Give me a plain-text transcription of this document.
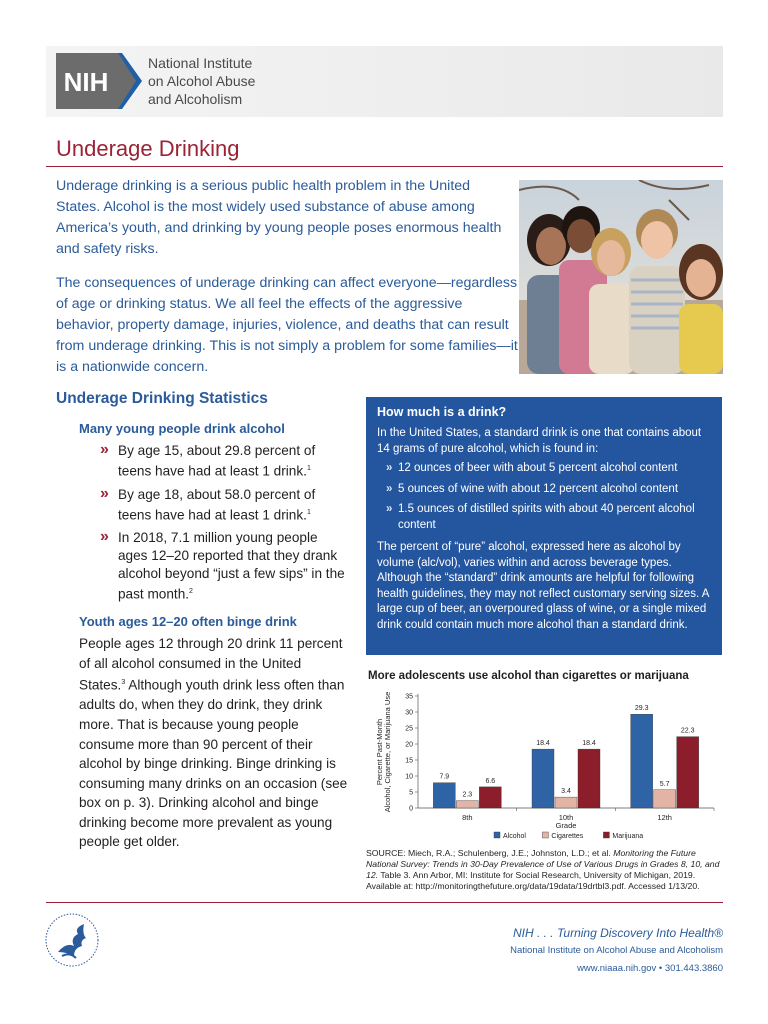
NIH
National Institute
on Alcohol Abuse
and Alcoholism
Underage Drinking
Underage drinking is a serious public health problem in the United States. Alcohol is the most widely used substance of abuse among America’s youth, and drinking by young people poses enormous health and safety risks.
The consequences of underage drinking can affect everyone—regardless of age or drinking status. We all feel the effects of the aggressive behavior, property damage, injuries, violence, and deaths that can result from underage drinking. This is not simply a problem for some families—it is a nationwide concern.
Underage Drinking Statistics
Many young people drink alcohol
» By age 15, about 29.8 percent of teens have had at least 1 drink.$^1$
» By age 18, about 58.0 percent of teens have had at least 1 drink.$^1$
» In 2018, 7.1 million young people ages 12–20 reported that they drank alcohol beyond “just a few sips” in the past month.$^2$
Youth ages 12–20 often binge drink
People ages 12 through 20 drink 11 percent of all alcohol consumed in the United States.$^3$ Although youth drink less often than adults do, when they do drink, they drink more. That is because young people consume more than 90 percent of their alcohol by binge drinking. Binge drinking is consuming many drinks on an occasion (see box on p. 3). Drinking alcohol and binge drinking become more prevalent as young people get older.
How much is a drink?
In the United States, a standard drink is one that contains about 14 grams of pure alcohol, which is found in:
» 12 ounces of beer with about 5 percent alcohol content
» 5 ounces of wine with about 12 percent alcohol content
» 1.5 ounces of distilled spirits with about 40 percent alcohol content
The percent of “pure” alcohol, expressed here as alcohol by volume (alc/vol), varies within and across beverage types. Although the “standard” drink amounts are helpful for following health guidelines, they may not reflect customary serving sizes. A large cup of beer, an overpoured glass of wine, or a single mixed drink could contain much more alcohol than a standard drink.
More adolescents use alcohol than cigarettes or marijuana
Percent Past-Month Alcohol, Cigarette, or Marijuana Use 0
5
10
15
20
25
30
35
7.9
2.3
6.6
8th
18.4
3.4
18.4
10th
29.3
5.7
22.3
12th
Grade
Alcohol	Cigarettes	Marijuana
SOURCE: Miech, R.A.; Schulenberg, J.E.; Johnston, L.D.; et al. Monitoring the Future National Survey: Trends in 30-Day Prevalence of Use of Various Drugs in Grades 8, 10, and 12. Table 3. Ann Arbor, MI: Institute for Social Research, University of Michigan, 2019. Available at: http://monitoringthefuture.org/data/19data/19drtbl3.pdf. Accessed 1/13/20.
NIH . . . Turning Discovery Into Health®
National Institute on Alcohol Abuse and Alcoholism
www.niaaa.nih.gov • 301.443.3860
